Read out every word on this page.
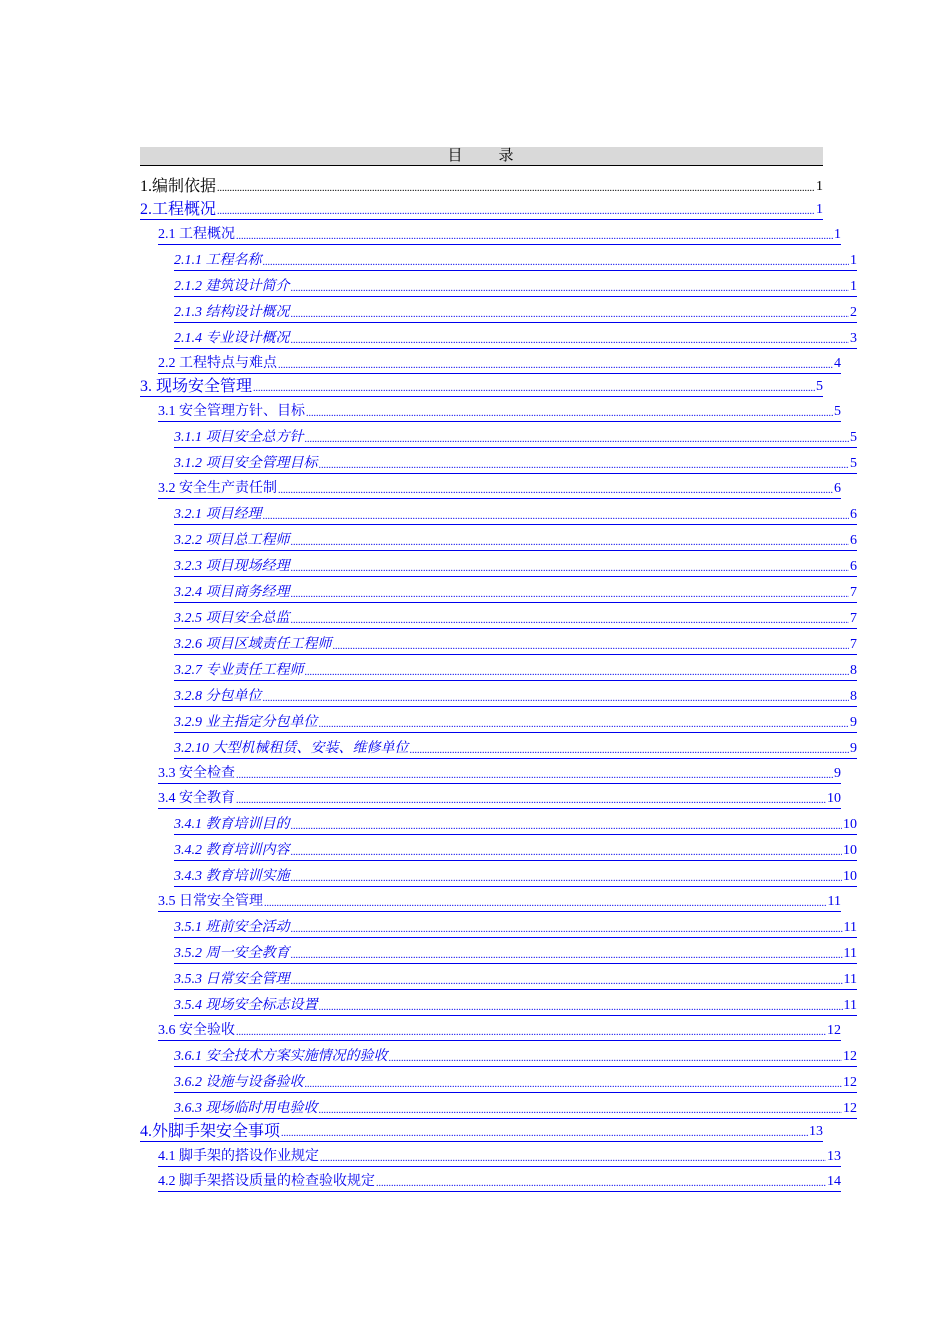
目 录
1.编制依据 .....	1
2.工程概况 .....	1
2.1 工程概况 .....	1
2.1.1 工程名称 .....	1
2.1.2 建筑设计简介 .....	1
2.1.3 结构设计概况 .....	2
2.1.4 专业设计概况 .....	3
2.2 工程特点与难点 .....	4
3. 现场安全管理 .....	5
3.1 安全管理方针、目标 .....	5
3.1.1 项目安全总方针 .....	5
3.1.2 项目安全管理目标 .....	5
3.2 安全生产责任制 .....	6
3.2.1 项目经理 .....	6
3.2.2 项目总工程师 .....	6
3.2.3 项目现场经理 .....	6
3.2.4 项目商务经理 .....	7
3.2.5 项目安全总监 .....	7
3.2.6 项目区域责任工程师 .....	7
3.2.7 专业责任工程师 .....	8
3.2.8 分包单位 .....	8
3.2.9 业主指定分包单位 .....	9
3.2.10 大型机械租赁、安装、维修单位 .....	9
3.3 安全检查 .....	9
3.4 安全教育 .....	10
3.4.1 教育培训目的 .....	10
3.4.2 教育培训内容 .....	10
3.4.3 教育培训实施 .....	10
3.5 日常安全管理 .....	11
3.5.1 班前安全活动 .....	11
3.5.2 周一安全教育 .....	11
3.5.3 日常安全管理 .....	11
3.5.4 现场安全标志设置 .....	11
3.6 安全验收 .....	12
3.6.1 安全技术方案实施情况的验收 .....	12
3.6.2 设施与设备验收 .....	12
3.6.3 现场临时用电验收 .....	12
4.外脚手架安全事项 .....	13
4.1 脚手架的搭设作业规定 .....	13
4.2 脚手架搭设质量的检查验收规定 .....	14
